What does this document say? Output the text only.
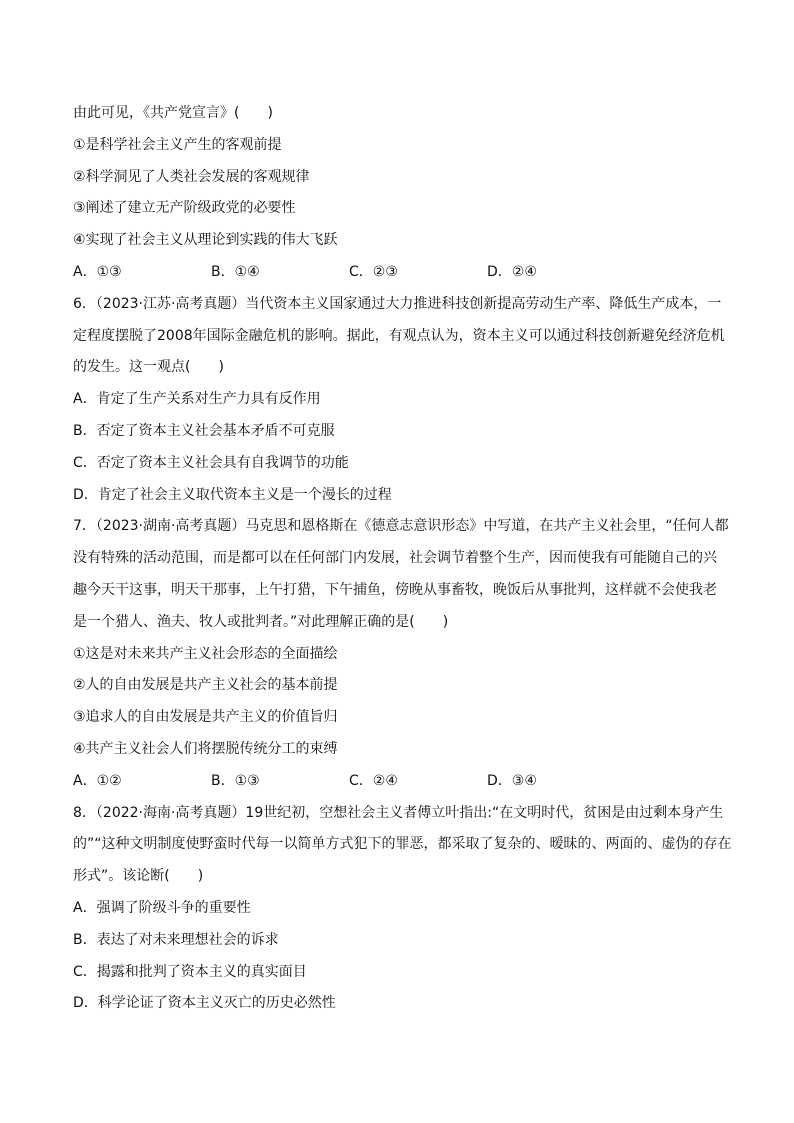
由此可见，《共产党宣言》(　　)
①是科学社会主义产生的客观前提
②科学洞见了人类社会发展的客观规律
③阐述了建立无产阶级政党的必要性
④实现了社会主义从理论到实践的伟大飞跃
A．①③	B．①④	C．②③	D．②④
6．（2023·江苏·高考真题）当代资本主义国家通过大力推进科技创新提高劳动生产率、降低生产成本，一
定程度摆脱了2008年国际金融危机的影响。据此，有观点认为，资本主义可以通过科技创新避免经济危机
的发生。这一观点(　　)
A．肯定了生产关系对生产力具有反作用
B．否定了资本主义社会基本矛盾不可克服
C．否定了资本主义社会具有自我调节的功能
D．肯定了社会主义取代资本主义是一个漫长的过程
7．（2023·湖南·高考真题）马克思和恩格斯在《德意志意识形态》中写道，在共产主义社会里，“任何人都
没有特殊的活动范围，而是都可以在任何部门内发展，社会调节着整个生产，因而使我有可能随自己的兴
趣今天干这事，明天干那事，上午打猎，下午捕鱼，傍晚从事畜牧，晚饭后从事批判，这样就不会使我老
是一个猎人、渔夫、牧人或批判者。”对此理解正确的是(　　)
①这是对未来共产主义社会形态的全面描绘
②人的自由发展是共产主义社会的基本前提
③追求人的自由发展是共产主义的价值旨归
④共产主义社会人们将摆脱传统分工的束缚
A．①②	B．①③	C．②④	D．③④
8．（2022·海南·高考真题）19世纪初，空想社会主义者傅立叶指出:“在文明时代，贫困是由过剩本身产生
的”“这种文明制度使野蛮时代每一以简单方式犯下的罪恶，都采取了复杂的、暧昧的、两面的、虚伪的存在
形式”。该论断(　　)
A．强调了阶级斗争的重要性
B．表达了对未来理想社会的诉求
C．揭露和批判了资本主义的真实面目
D．科学论证了资本主义灭亡的历史必然性
